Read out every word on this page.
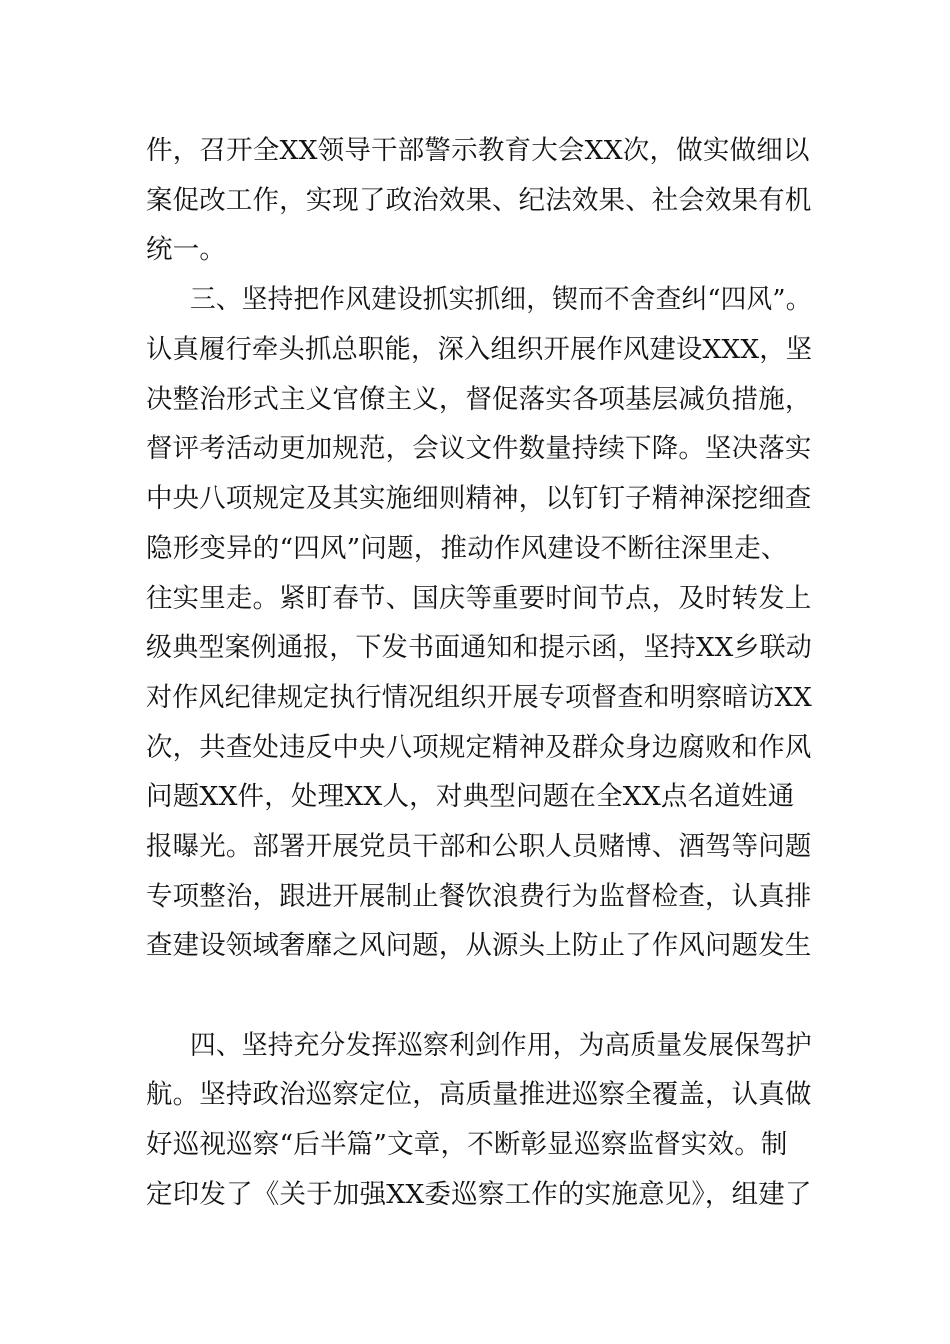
件，召开全XX领导干部警示教育大会XX次，做实做细以
案促改工作，实现了政治效果、纪法效果、社会效果有机
统一。
三、坚持把作风建设抓实抓细，锲而不舍查纠“四风”。
认真履行牵头抓总职能，深入组织开展作风建设XXX，坚
决整治形式主义官僚主义，督促落实各项基层减负措施，
督评考活动更加规范，会议文件数量持续下降。坚决落实
中央八项规定及其实施细则精神，以钉钉子精神深挖细查
隐形变异的“四风”问题，推动作风建设不断往深里走、
往实里走。紧盯春节、国庆等重要时间节点，及时转发上
级典型案例通报，下发书面通知和提示函，坚持XX乡联动
对作风纪律规定执行情况组织开展专项督查和明察暗访XX
次，共查处违反中央八项规定精神及群众身边腐败和作风
问题XX件，处理XX人，对典型问题在全XX点名道姓通
报曝光。部署开展党员干部和公职人员赌博、酒驾等问题
专项整治，跟进开展制止餐饮浪费行为监督检查，认真排
查建设领域奢靡之风问题，从源头上防止了作风问题发生
四、坚持充分发挥巡察利剑作用，为高质量发展保驾护
航。坚持政治巡察定位，高质量推进巡察全覆盖，认真做
好巡视巡察“后半篇”文章，不断彰显巡察监督实效。制
定印发了《关于加强XX委巡察工作的实施意见》，组建了
